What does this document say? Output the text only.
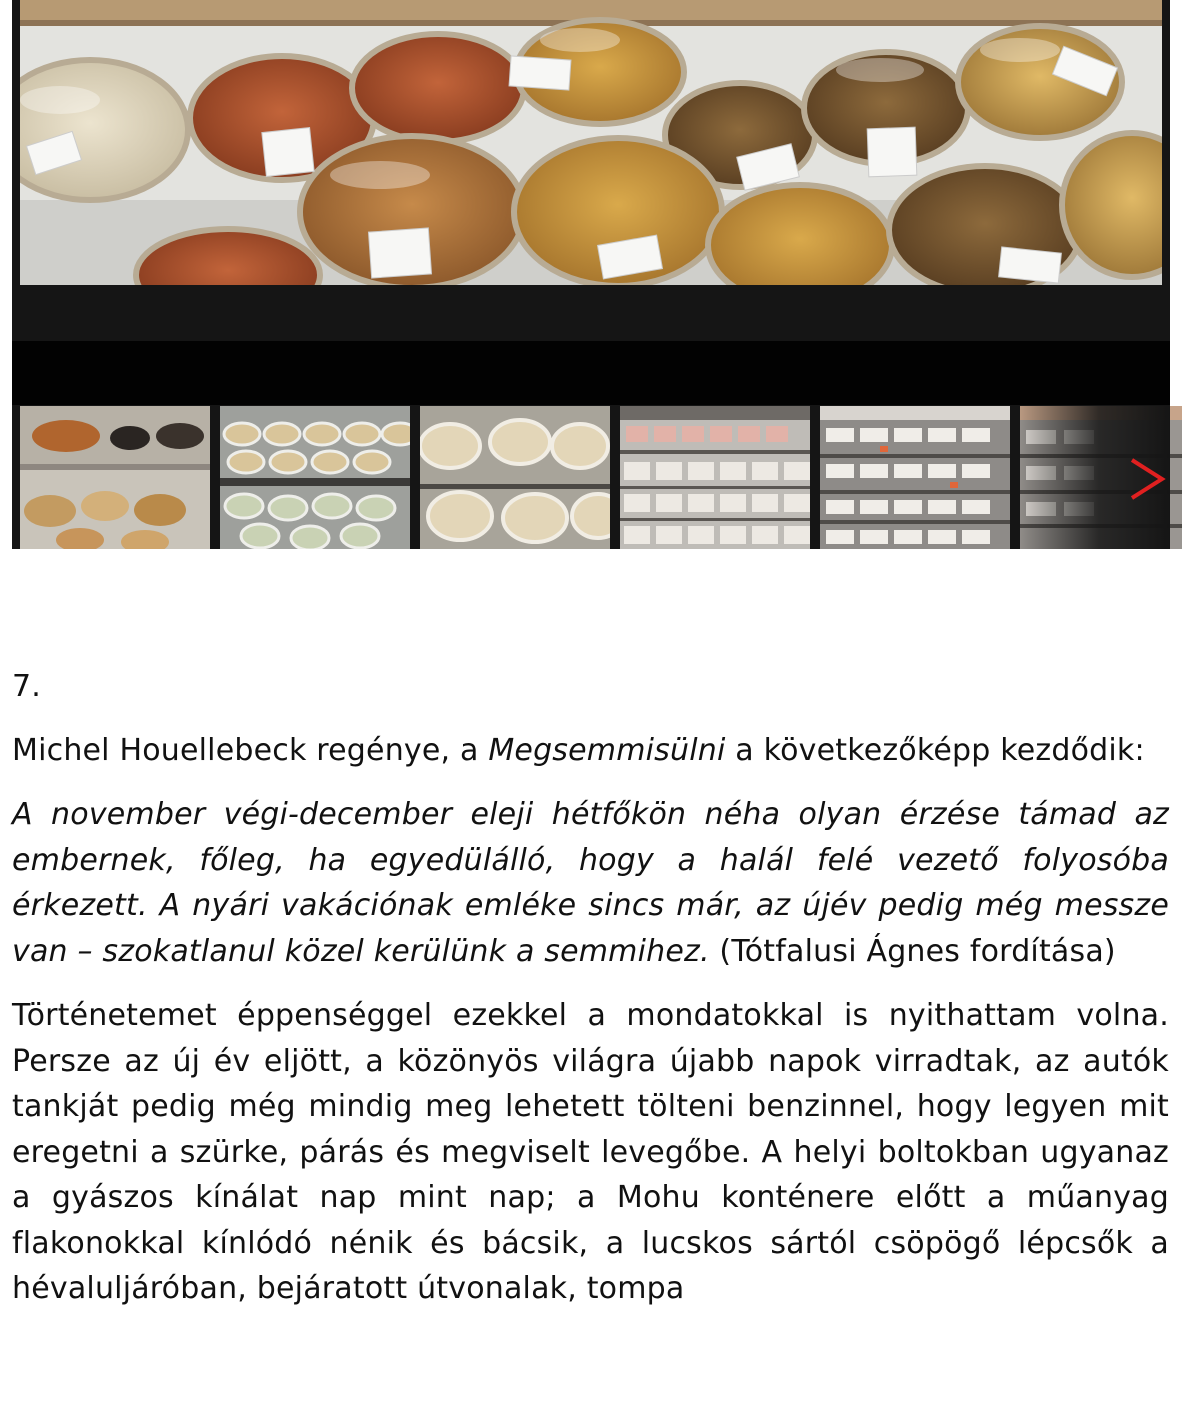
7.

Michel Houellebeck regénye, a Megsemmisülni a következőképp kezdődik:

A november végi-december eleji hétfőkön néha olyan érzése támad az embernek, főleg, ha egyedülálló, hogy a halál felé vezető folyosóba érkezett. A nyári vakációnak emléke sincs már, az újév pedig még messze van – szokatlanul közel kerülünk a semmihez. (Tótfalusi Ágnes fordítása)

Történetemet éppenséggel ezekkel a mondatokkal is nyithattam volna. Persze az új év eljött, a közönyös világra újabb napok virradtak, az autók tankját pedig még mindig meg lehetett tölteni benzinnel, hogy legyen mit eregetni a szürke, párás és megviselt levegőbe. A helyi boltokban ugyanaz a gyászos kínálat nap mint nap; a Mohu konténere előtt a műanyag flakonokkal kínlódó nénik és bácsik, a lucskos sártól csöpögő lépcsők a hévaluljáróban, bejáratott útvonalak, tompa
